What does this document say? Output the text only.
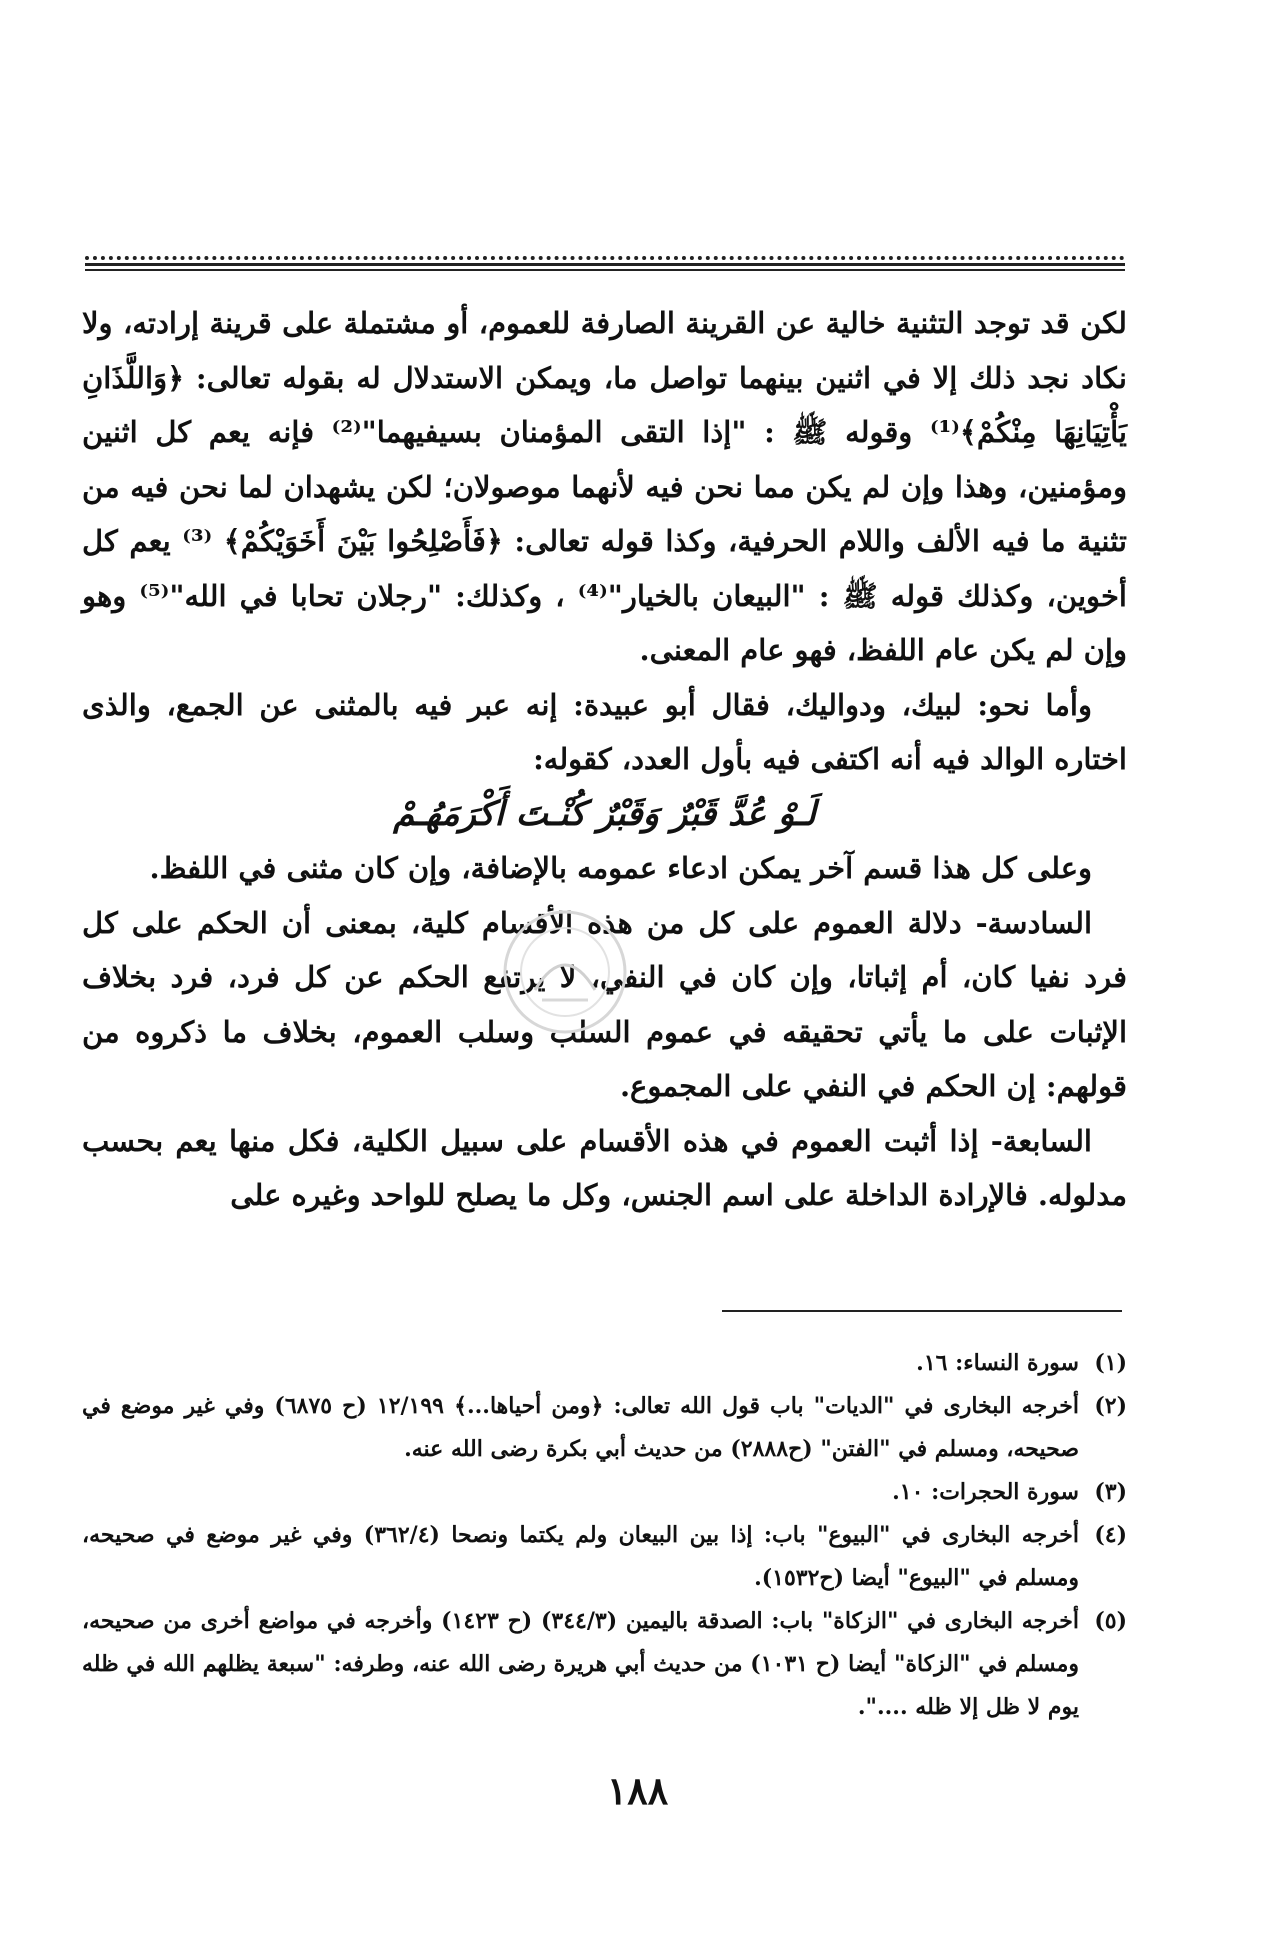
لكن قد توجد التثنية خالية عن القرينة الصارفة للعموم، أو مشتملة على قرينة إرادته، ولا نكاد نجد ذلك إلا في اثنين بينهما تواصل ما، ويمكن الاستدلال له بقوله تعالى: ﴿وَاللَّذَانِ يَأْتِيَانِهَا مِنْكُمْ﴾⁽¹⁾ وقوله ﷺ : "إذا التقى المؤمنان بسيفيهما"⁽²⁾ فإنه يعم كل اثنين ومؤمنين، وهذا وإن لم يكن مما نحن فيه لأنهما موصولان؛ لكن يشهدان لما نحن فيه من تثنية ما فيه الألف واللام الحرفية، وكذا قوله تعالى: ﴿فَأَصْلِحُوا بَيْنَ أَخَوَيْكُمْ﴾ ⁽³⁾ يعم كل أخوين، وكذلك قوله ﷺ : "البيعان بالخيار"⁽⁴⁾ ، وكذلك: "رجلان تحابا في الله"⁽⁵⁾ وهو وإن لم يكن عام اللفظ، فهو عام المعنى.

وأما نحو: لبيك، ودواليك، فقال أبو عبيدة: إنه عبر فيه بالمثنى عن الجمع، والذى اختاره الوالد فيه أنه اكتفى فيه بأول العدد، كقوله:

لَـوْ عُدَّ قَبْرٌ وَقَبْرٌ كُنْـتَ أَكْرَمَهُـمْ

وعلى كل هذا قسم آخر يمكن ادعاء عمومه بالإضافة، وإن كان مثنى في اللفظ.

السادسة- دلالة العموم على كل من هذه الأقسام كلية، بمعنى أن الحكم على كل فرد نفيا كان، أم إثباتا، وإن كان في النفي، لا يرتفع الحكم عن كل فرد، فرد بخلاف الإثبات على ما يأتي تحقيقه في عموم السلب وسلب العموم، بخلاف ما ذكروه من قولهم: إن الحكم في النفي على المجموع.

السابعة- إذا أثبت العموم في هذه الأقسام على سبيل الكلية، فكل منها يعم بحسب مدلوله. فالإرادة الداخلة على اسم الجنس، وكل ما يصلح للواحد وغيره على

(١)
سورة النساء: ١٦.
(٢)
أخرجه البخارى في "الديات" باب قول الله تعالى: ﴿ومن أحياها...﴾ ١٢/١٩٩ (ح ٦٨٧٥) وفي غير موضع في صحيحه، ومسلم في "الفتن" (ح٢٨٨٨) من حديث أبي بكرة رضى الله عنه.
(٣)
سورة الحجرات: ١٠.
(٤)
أخرجه البخارى في "البيوع" باب: إذا بين البيعان ولم يكتما ونصحا (٣٦٢/٤) وفي غير موضع في صحيحه، ومسلم في "البيوع" أيضا (ح١٥٣٢).
(٥)
أخرجه البخارى في "الزكاة" باب: الصدقة باليمين (٣٤٤/٣) (ح ١٤٢٣) وأخرجه في مواضع أخرى من صحيحه، ومسلم في "الزكاة" أيضا (ح ١٠٣١) من حديث أبي هريرة رضى الله عنه، وطرفه: "سبعة يظلهم الله في ظله يوم لا ظل إلا ظله ....".
١٨٨
